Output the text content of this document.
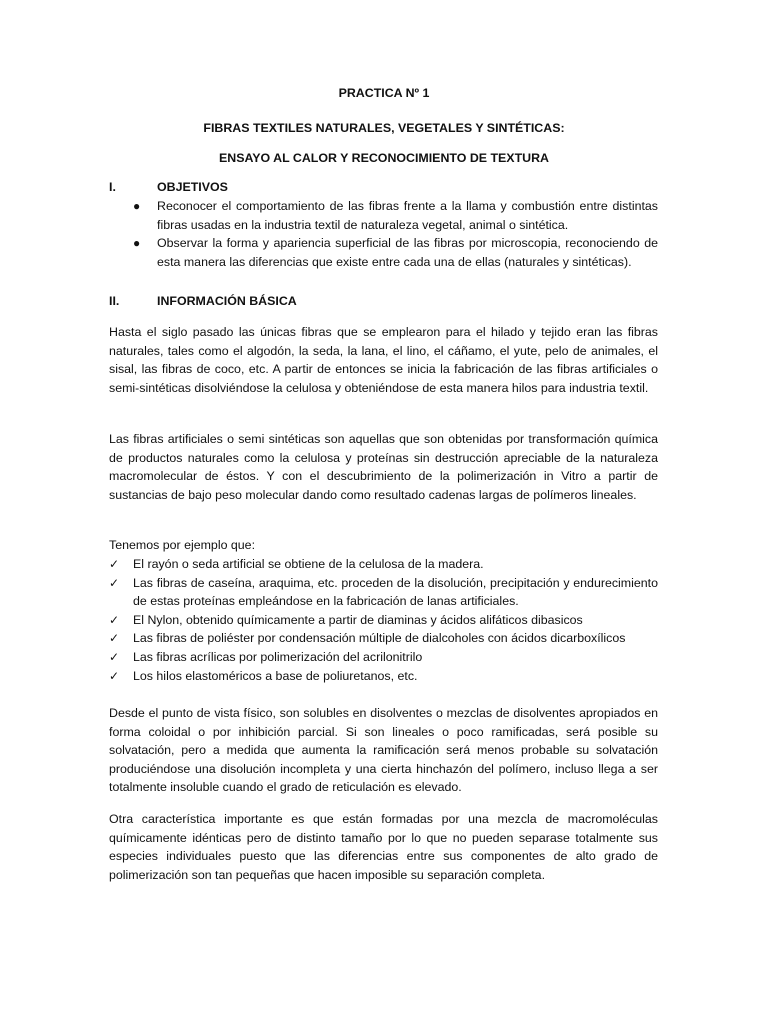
PRACTICA Nº 1
FIBRAS TEXTILES NATURALES, VEGETALES Y SINTÉTICAS:
ENSAYO AL CALOR Y RECONOCIMIENTO DE TEXTURA
I.	OBJETIVOS
● Reconocer el comportamiento de las fibras frente a la llama y combustión entre distintas fibras usadas en la industria textil de naturaleza vegetal, animal o sintética.
● Observar la forma y apariencia superficial de las fibras por microscopia, reconociendo de esta manera las diferencias que existe entre cada una de ellas (naturales y sintéticas).
II.	INFORMACIÓN BÁSICA

Hasta el siglo pasado las únicas fibras que se emplearon para el hilado y tejido eran las fibras naturales, tales como el algodón, la seda, la lana, el lino, el cáñamo, el yute, pelo de animales, el sisal, las fibras de coco, etc. A partir de entonces se inicia la fabricación de las fibras artificiales o semi-sintéticas disolviéndose la celulosa y obteniéndose de esta manera hilos para industria textil.

Las fibras artificiales o semi sintéticas son aquellas que son obtenidas por transformación química de productos naturales como la celulosa y proteínas sin destrucción apreciable de la naturaleza macromolecular de éstos. Y con el descubrimiento de la polimerización in Vitro a partir de sustancias de bajo peso molecular dando como resultado cadenas largas de polímeros lineales.

Tenemos por ejemplo que:

✓ El rayón o seda artificial se obtiene de la celulosa de la madera.
✓ Las fibras de caseína, araquima, etc. proceden de la disolución, precipitación y endurecimiento de estas proteínas empleándose en la fabricación de lanas artificiales.
✓ El Nylon, obtenido químicamente a partir de diaminas y ácidos alifáticos dibasicos
✓ Las fibras de poliéster por condensación múltiple de dialcoholes con ácidos dicarboxílicos
✓ Las fibras acrílicas por polimerización del acrilonitrilo
✓ Los hilos elastoméricos a base de poliuretanos, etc.

Desde el punto de vista físico, son solubles en disolventes o mezclas de disolventes apropiados en forma coloidal o por inhibición parcial. Si son lineales o poco ramificadas, será posible su solvatación, pero a medida que aumenta la ramificación será menos probable su solvatación produciéndose una disolución incompleta y una cierta hinchazón del polímero, incluso llega a ser totalmente insoluble cuando el grado de reticulación es elevado.

Otra característica importante es que están formadas por una mezcla de macromoléculas químicamente idénticas pero de distinto tamaño por lo que no pueden separase totalmente sus especies individuales puesto que las diferencias entre sus componentes de alto grado de polimerización son tan pequeñas que hacen imposible su separación completa.
